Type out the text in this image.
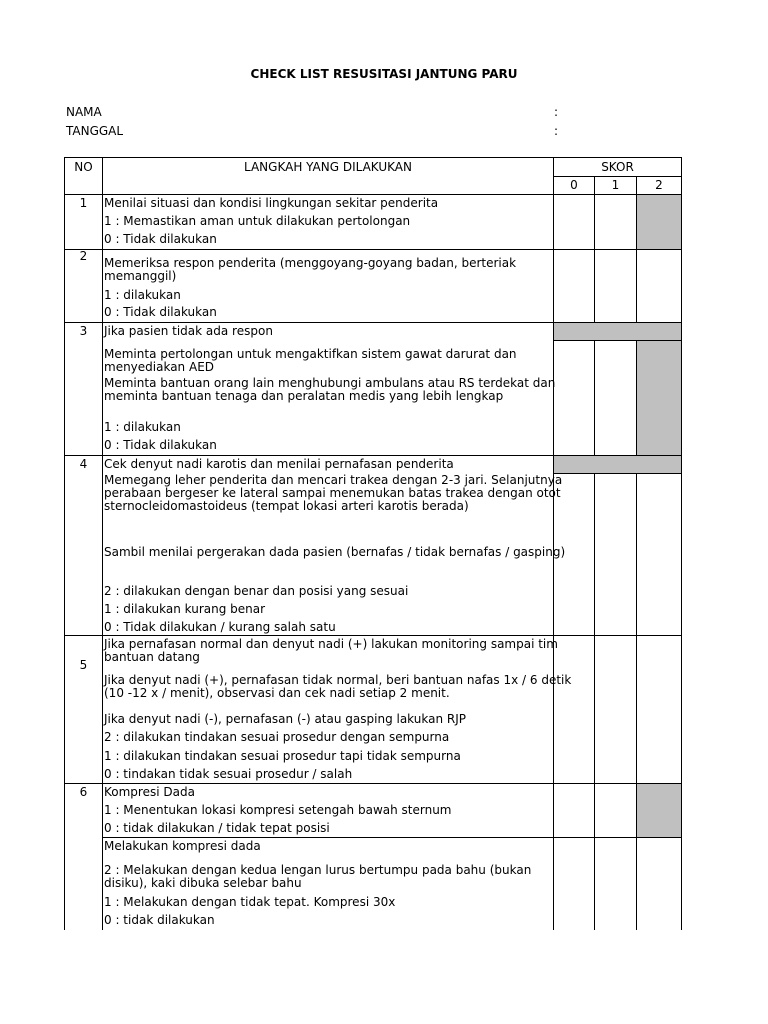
CHECK LIST RESUSITASI JANTUNG PARU
NAMA	:
TANGGAL	:
NO	LANGKAH YANG DILAKUKAN	SKOR
0	1	2
1	Menilai situasi dan kondisi lingkungan sekitar penderita
1 : Memastikan aman untuk dilakukan pertolongan
0 : Tidak dilakukan
2	Memeriksa respon penderita (menggoyang-goyang badan, berteriak
memanggil)
1 : dilakukan
0 : Tidak dilakukan
3	Jika pasien tidak ada respon
Meminta pertolongan untuk mengaktifkan sistem gawat darurat dan
menyediakan AED
Meminta bantuan orang lain menghubungi ambulans atau RS terdekat dan
meminta bantuan tenaga dan peralatan medis yang lebih lengkap
1 : dilakukan
0 : Tidak dilakukan
4	Cek denyut nadi karotis dan menilai pernafasan penderita
Memegang leher penderita dan mencari trakea dengan 2-3 jari. Selanjutnya
perabaan bergeser ke lateral sampai menemukan batas trakea dengan otot
sternocleidomastoideus (tempat lokasi arteri karotis berada)
Sambil menilai pergerakan dada pasien (bernafas / tidak bernafas / gasping)
2 : dilakukan dengan benar dan posisi yang sesuai
1 : dilakukan kurang benar
0 : Tidak dilakukan / kurang salah satu
5
Jika pernafasan normal dan denyut nadi (+) lakukan monitoring sampai tim
bantuan datang
Jika denyut nadi (+), pernafasan tidak normal, beri bantuan nafas 1x / 6 detik
(10 -12 x / menit), observasi dan cek nadi setiap 2 menit.
Jika denyut nadi (-), pernafasan (-) atau gasping lakukan RJP
2 : dilakukan tindakan sesuai prosedur dengan sempurna
1 : dilakukan tindakan sesuai prosedur tapi tidak sempurna
0 : tindakan tidak sesuai prosedur / salah
6	Kompresi Dada
1 : Menentukan lokasi kompresi setengah bawah sternum
0 : tidak dilakukan / tidak tepat posisi
Melakukan kompresi dada
2 : Melakukan dengan kedua lengan lurus bertumpu pada bahu (bukan
disiku), kaki dibuka selebar bahu
1 : Melakukan dengan tidak tepat. Kompresi 30x
0 : tidak dilakukan
